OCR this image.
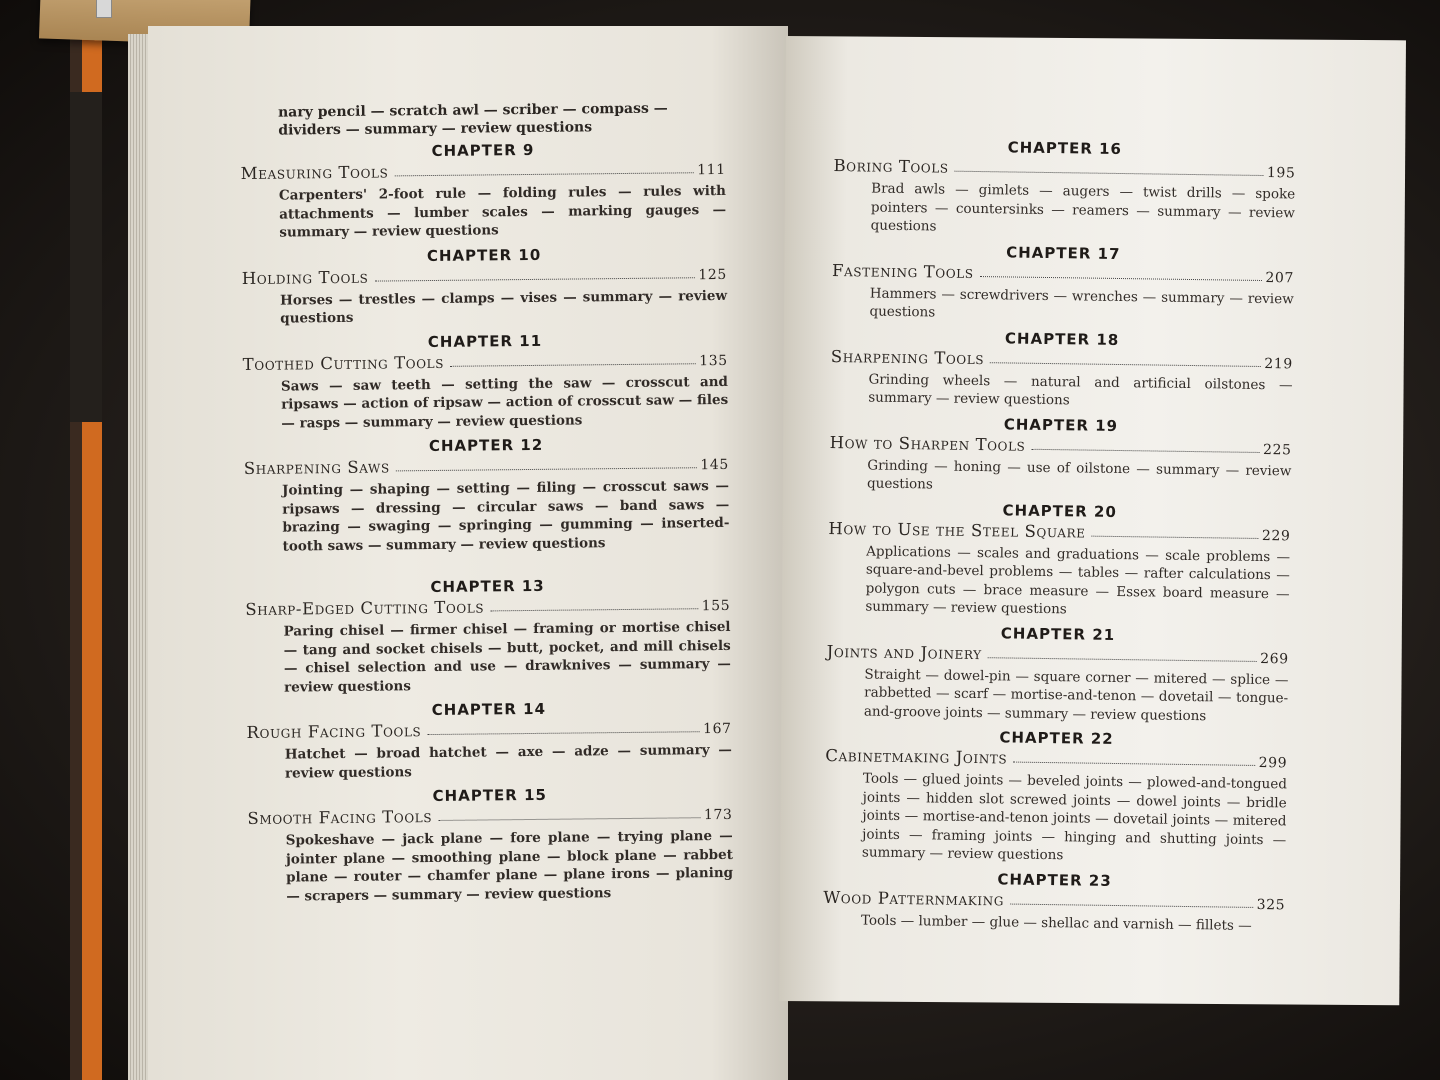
nary pencil — scratch awl — scriber — compass — dividers — summary — review questions
CHAPTER 9
Measuring Tools	111
Carpenters' 2-foot rule — folding rules — rules with attachments — lumber scales — marking gauges — summary — review questions
CHAPTER 10
Holding Tools	125
Horses — trestles — clamps — vises — summary — review questions
CHAPTER 11
Toothed Cutting Tools	135
Saws — saw teeth — setting the saw — crosscut and ripsaws — action of ripsaw — action of crosscut saw — files — rasps — summary — review questions
CHAPTER 12
Sharpening Saws	145
Jointing — shaping — setting — filing — crosscut saws — ripsaws — dressing — circular saws — band saws — brazing — swaging — springing — gumming — inserted-tooth saws — summary — review questions
CHAPTER 13
Sharp-Edged Cutting Tools	155
Paring chisel — firmer chisel — framing or mortise chisel — tang and socket chisels — butt, pocket, and mill chisels — chisel selection and use — drawknives — summary — review questions
CHAPTER 14
Rough Facing Tools	167
Hatchet — broad hatchet — axe — adze — summary — review questions
CHAPTER 15
Smooth Facing Tools	173
Spokeshave — jack plane — fore plane — trying plane — jointer plane — smoothing plane — block plane — rabbet plane — router — chamfer plane — plane irons — planing — scrapers — summary — review questions
CHAPTER 16
Boring Tools	195
Brad awls — gimlets — augers — twist drills — spoke pointers — countersinks — reamers — summary — review questions
CHAPTER 17
Fastening Tools	207
Hammers — screwdrivers — wrenches — summary — review questions
CHAPTER 18
Sharpening Tools	219
Grinding wheels — natural and artificial oilstones — summary — review questions
CHAPTER 19
How to Sharpen Tools	225
Grinding — honing — use of oilstone — summary — review questions
CHAPTER 20
How to Use the Steel Square	229
Applications — scales and graduations — scale problems — square-and-bevel problems — tables — rafter calculations — polygon cuts — brace measure — Essex board measure — summary — review questions
CHAPTER 21
Joints and Joinery	269
Straight — dowel-pin — square corner — mitered — splice — rabbetted — scarf — mortise-and-tenon — dovetail — tongue-and-groove joints — summary — review questions
CHAPTER 22
Cabinetmaking Joints	299
Tools — glued joints — beveled joints — plowed-and-tongued joints — hidden slot screwed joints — dowel joints — bridle joints — mortise-and-tenon joints — dovetail joints — mitered joints — framing joints — hinging and shutting joints — summary — review questions
CHAPTER 23
Wood Patternmaking	325
Tools — lumber — glue — shellac and varnish — fillets —
